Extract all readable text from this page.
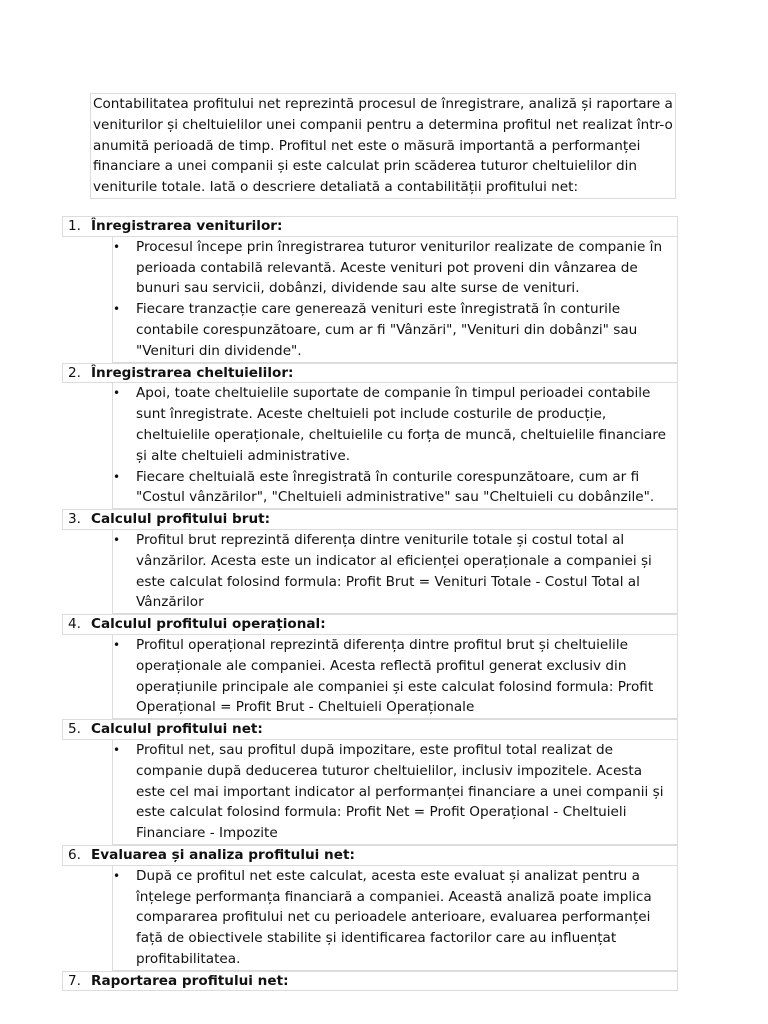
Contabilitatea profitului net reprezintă procesul de înregistrare, analiză și raportare a veniturilor și cheltuielilor unei companii pentru a determina profitul net realizat într-o anumită perioadă de timp. Profitul net este o măsură importantă a performanței financiare a unei companii și este calculat prin scăderea tuturor cheltuielilor din veniturile totale. Iată o descriere detaliată a contabilității profitului net:

1. Înregistrarea veniturilor:
• Procesul începe prin înregistrarea tuturor veniturilor realizate de companie în perioada contabilă relevantă. Aceste venituri pot proveni din vânzarea de bunuri sau servicii, dobânzi, dividende sau alte surse de venituri.
• Fiecare tranzacție care generează venituri este înregistrată în conturile contabile corespunzătoare, cum ar fi "Vânzări", "Venituri din dobânzi" sau "Venituri din dividende".
2. Înregistrarea cheltuielilor:
• Apoi, toate cheltuielile suportate de companie în timpul perioadei contabile sunt înregistrate. Aceste cheltuieli pot include costurile de producție, cheltuielile operaționale, cheltuielile cu forța de muncă, cheltuielile financiare și alte cheltuieli administrative.
• Fiecare cheltuială este înregistrată în conturile corespunzătoare, cum ar fi "Costul vânzărilor", "Cheltuieli administrative" sau "Cheltuieli cu dobânzile".
3. Calculul profitului brut:
• Profitul brut reprezintă diferența dintre veniturile totale și costul total al vânzărilor. Acesta este un indicator al eficienței operaționale a companiei și este calculat folosind formula: Profit Brut = Venituri Totale - Costul Total al Vânzărilor
4. Calculul profitului operațional:
• Profitul operațional reprezintă diferența dintre profitul brut și cheltuielile operaționale ale companiei. Acesta reflectă profitul generat exclusiv din operațiunile principale ale companiei și este calculat folosind formula: Profit Operațional = Profit Brut - Cheltuieli Operaționale
5. Calculul profitului net:
• Profitul net, sau profitul după impozitare, este profitul total realizat de companie după deducerea tuturor cheltuielilor, inclusiv impozitele. Acesta este cel mai important indicator al performanței financiare a unei companii și este calculat folosind formula: Profit Net = Profit Operațional - Cheltuieli Financiare - Impozite
6. Evaluarea și analiza profitului net:
• După ce profitul net este calculat, acesta este evaluat și analizat pentru a înțelege performanța financiară a companiei. Această analiză poate implica compararea profitului net cu perioadele anterioare, evaluarea performanței față de obiectivele stabilite și identificarea factorilor care au influențat profitabilitatea.
7. Raportarea profitului net:
